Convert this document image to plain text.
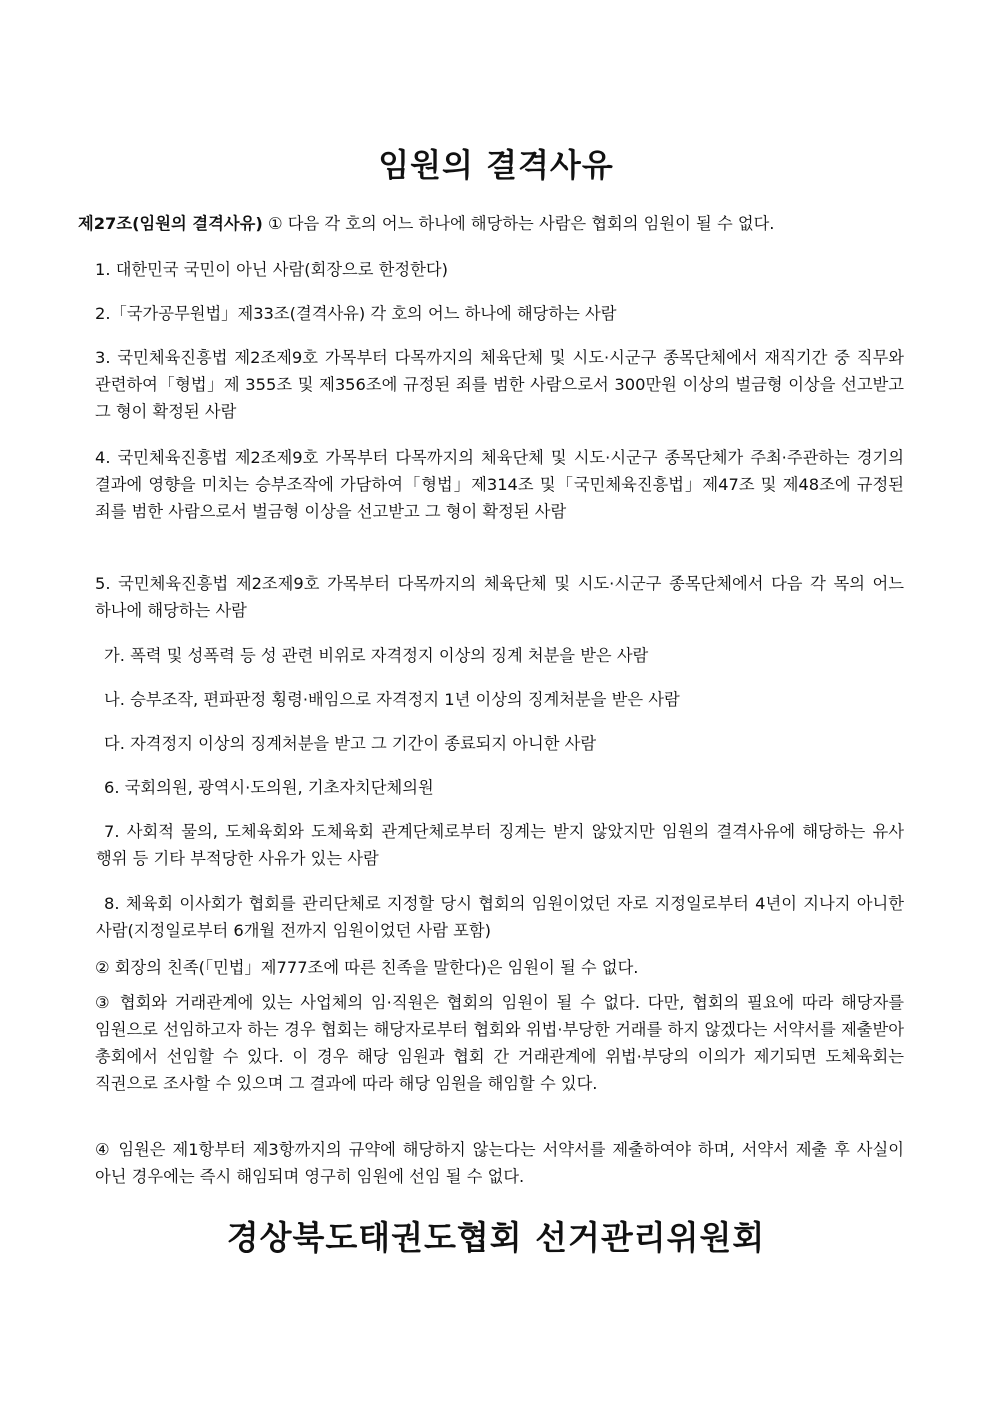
임원의 결격사유
제27조(임원의 결격사유) ① 다음 각 호의 어느 하나에 해당하는 사람은 협회의 임원이 될 수 없다.
1. 대한민국 국민이 아닌 사람(회장으로 한정한다)
2.「국가공무원법」제33조(결격사유) 각 호의 어느 하나에 해당하는 사람
3. 국민체육진흥법 제2조제9호 가목부터 다목까지의 체육단체 및 시도·시군구 종목단체에서 재직기간 중 직무와 관련하여「형법」제 355조 및 제356조에 규정된 죄를 범한 사람으로서 300만원 이상의 벌금형 이상을 선고받고 그 형이 확정된 사람
4. 국민체육진흥법 제2조제9호 가목부터 다목까지의 체육단체 및 시도·시군구 종목단체가 주최·주관하는 경기의 결과에 영향을 미치는 승부조작에 가담하여「형법」제314조 및「국민체육진흥법」제47조 및 제48조에 규정된 죄를 범한 사람으로서 벌금형 이상을 선고받고 그 형이 확정된 사람
5. 국민체육진흥법 제2조제9호 가목부터 다목까지의 체육단체 및 시도·시군구 종목단체에서 다음 각 목의 어느 하나에 해당하는 사람
가. 폭력 및 성폭력 등 성 관련 비위로 자격정지 이상의 징계 처분을 받은 사람
나. 승부조작, 편파판정 횡령·배임으로 자격정지 1년 이상의 징계처분을 받은 사람
다. 자격정지 이상의 징계처분을 받고 그 기간이 종료되지 아니한 사람
6. 국회의원, 광역시·도의원, 기초자치단체의원
7. 사회적 물의, 도체육회와 도체육회 관계단체로부터 징계는 받지 않았지만 임원의 결격사유에 해당하는 유사 행위 등 기타 부적당한 사유가 있는 사람
8. 체육회 이사회가 협회를 관리단체로 지정할 당시 협회의 임원이었던 자로 지정일로부터 4년이 지나지 아니한 사람(지정일로부터 6개월 전까지 임원이었던 사람 포함)
② 회장의 친족(「민법」제777조에 따른 친족을 말한다)은 임원이 될 수 없다.
③ 협회와 거래관계에 있는 사업체의 임·직원은 협회의 임원이 될 수 없다. 다만, 협회의 필요에 따라 해당자를 임원으로 선임하고자 하는 경우 협회는 해당자로부터 협회와 위법·부당한 거래를 하지 않겠다는 서약서를 제출받아 총회에서 선임할 수 있다. 이 경우 해당 임원과 협회 간 거래관계에 위법·부당의 이의가 제기되면 도체육회는 직권으로 조사할 수 있으며 그 결과에 따라 해당 임원을 해임할 수 있다.
④ 임원은 제1항부터 제3항까지의 규약에 해당하지 않는다는 서약서를 제출하여야 하며, 서약서 제출 후 사실이 아닌 경우에는 즉시 해임되며 영구히 임원에 선임 될 수 없다.
경상북도태권도협회 선거관리위원회
